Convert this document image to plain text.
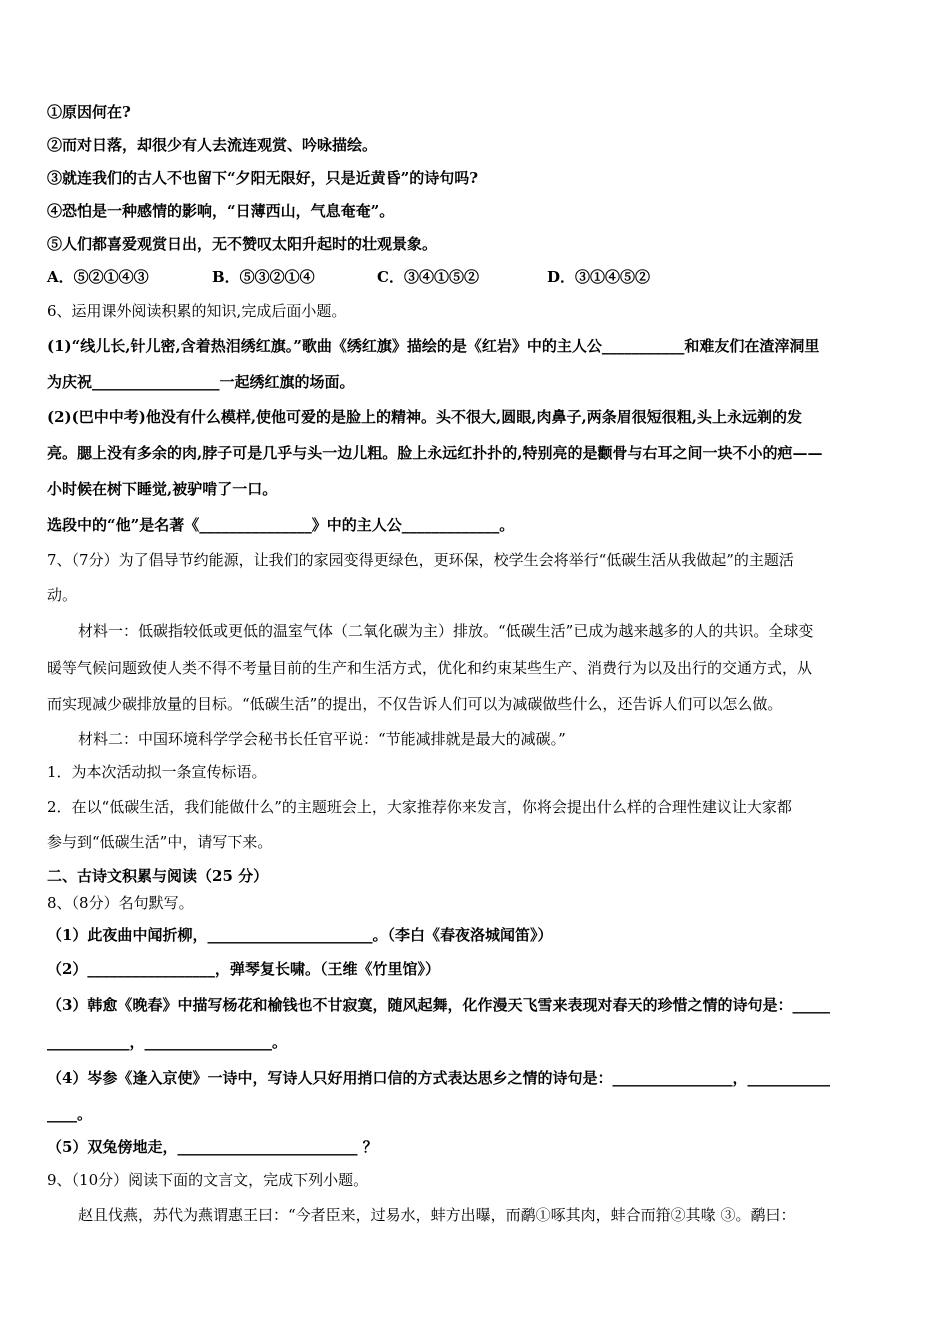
①原因何在?

②而对日落，却很少有人去流连观赏、吟咏描绘。

③就连我们的古人不也留下“夕阳无限好，只是近黄昏”的诗句吗?

④恐怕是一种感情的影响，“日薄西山，气息奄奄”。

⑤人们都喜爱观赏日出，无不赞叹太阳升起时的壮观景象。

A．⑤②①④③	B．⑤③②①④	C．③④①⑤②	D．③①④⑤②

6、运用课外阅读积累的知识,完成后面小题。

(1)“线儿长,针儿密,含着热泪绣红旗。”歌曲《绣红旗》描绘的是《红岩》中的主人公___________和难友们在渣滓洞里

为庆祝_________________一起绣红旗的场面。

(2)(巴中中考)他没有什么模样,使他可爱的是脸上的精神。头不很大,圆眼,肉鼻子,两条眉很短很粗,头上永远剃的发

亮。腮上没有多余的肉,脖子可是几乎与头一边儿粗。脸上永远红扑扑的,特别亮的是颧骨与右耳之间一块不小的疤——

小时候在树下睡觉,被驴啃了一口。

选段中的“他”是名著《_______________》中的主人公_____________。

7、（7分）为了倡导节约能源，让我们的家园变得更绿色，更环保，校学生会将举行“低碳生活从我做起”的主题活

动。

材料一：低碳指较低或更低的温室气体（二氧化碳为主）排放。“低碳生活”已成为越来越多的人的共识。全球变

暖等气候问题致使人类不得不考量目前的生产和生活方式，优化和约束某些生产、消费行为以及出行的交通方式，从

而实现减少碳排放量的目标。“低碳生活”的提出，不仅告诉人们可以为减碳做些什么，还告诉人们可以怎么做。

材料二：中国环境科学学会秘书长任官平说：“节能减排就是最大的减碳。”

1．为本次活动拟一条宣传标语。

2．在以“低碳生活，我们能做什么”的主题班会上，大家推荐你来发言，你将会提出什么样的合理性建议让大家都

参与到“低碳生活”中，请写下来。

二、古诗文积累与阅读（25 分）

8、（8分）名句默写。

（1）此夜曲中闻折柳，______________________。（李白《春夜洛城闻笛》）

（2）_________________，弹琴复长啸。（王维《竹里馆》）

（3）韩愈《晚春》中描写杨花和榆钱也不甘寂寞，随风起舞，化作漫天飞雪来表现对春天的珍惜之情的诗句是：_____

___________，_________________。

（4）岑参《逢入京使》一诗中，写诗人只好用捎口信的方式表达思乡之情的诗句是：________________，___________

____。

（5）双兔傍地走，________________________ ？

9、（10分）阅读下面的文言文，完成下列小题。

赵且伐燕，苏代为燕谓惠王曰：“今者臣来，过易水，蚌方出曝，而鹬①啄其肉，蚌合而箝②其喙 ③。鹬曰：
